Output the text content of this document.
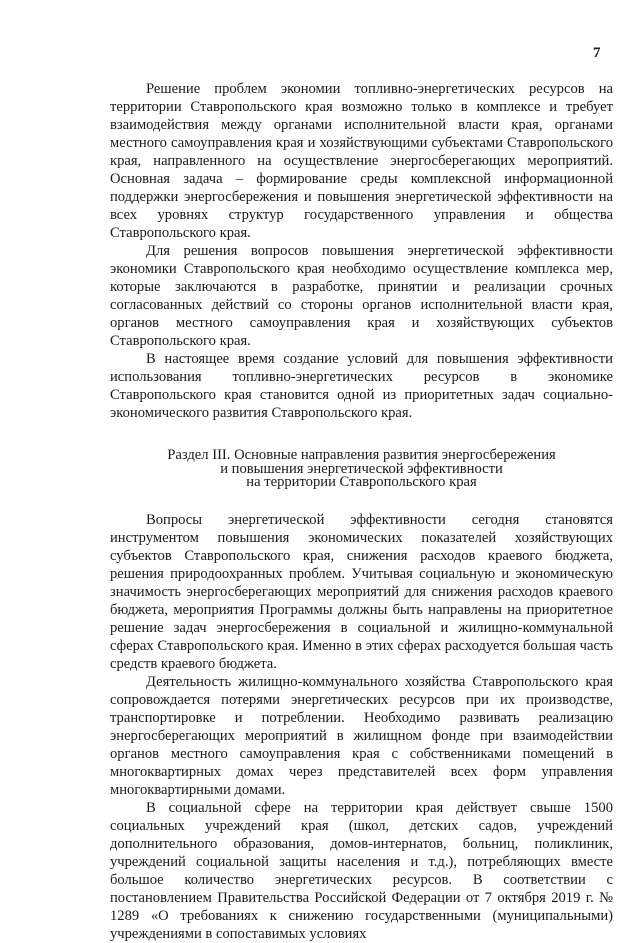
7

Решение проблем экономии топливно-энергетических ресурсов на территории Ставропольского края возможно только в комплексе и требует взаимодействия между органами исполнительной власти края, органами местного самоуправления края и хозяйствующими субъектами Ставропольского края, направленного на осуществление энергосберегающих мероприятий. Основная задача – формирование среды комплексной информационной поддержки энергосбережения и повышения энергетической эффективности на всех уровнях структур государственного управления и общества Ставропольского края.

Для решения вопросов повышения энергетической эффективности экономики Ставропольского края необходимо осуществление комплекса мер, которые заключаются в разработке, принятии и реализации срочных согласованных действий со стороны органов исполнительной власти края, органов местного самоуправления края и хозяйствующих субъектов Ставропольского края.

В настоящее время создание условий для повышения эффективности использования топливно-энергетических ресурсов в экономике Ставропольского края становится одной из приоритетных задач социально-экономического развития Ставропольского края.

Раздел III. Основные направления развития энергосбережения
и повышения энергетической эффективности
на территории Ставропольского края

Вопросы энергетической эффективности сегодня становятся инструментом повышения экономических показателей хозяйствующих субъектов Ставропольского края, снижения расходов краевого бюджета, решения природоохранных проблем. Учитывая социальную и экономическую значимость энергосберегающих мероприятий для снижения расходов краевого бюджета, мероприятия Программы должны быть направлены на приоритетное решение задач энергосбережения в социальной и жилищно-коммунальной сферах Ставропольского края. Именно в этих сферах расходуется большая часть средств краевого бюджета.

Деятельность жилищно-коммунального хозяйства Ставропольского края сопровождается потерями энергетических ресурсов при их производстве, транспортировке и потреблении. Необходимо развивать реализацию энергосберегающих мероприятий в жилищном фонде при взаимодействии органов местного самоуправления края с собственниками помещений в многоквартирных домах через представителей всех форм управления многоквартирными домами.

В социальной сфере на территории края действует свыше 1500 социальных учреждений края (школ, детских садов, учреждений дополнительного образования, домов-интернатов, больниц, поликлиник, учреждений социальной защиты населения и т.д.), потребляющих вместе большое количество энергетических ресурсов. В соответствии с постановлением Правительства Российской Федерации от 7 октября 2019 г. № 1289 «О требованиях к снижению государственными (муниципальными) учреждениями в сопоставимых условиях
